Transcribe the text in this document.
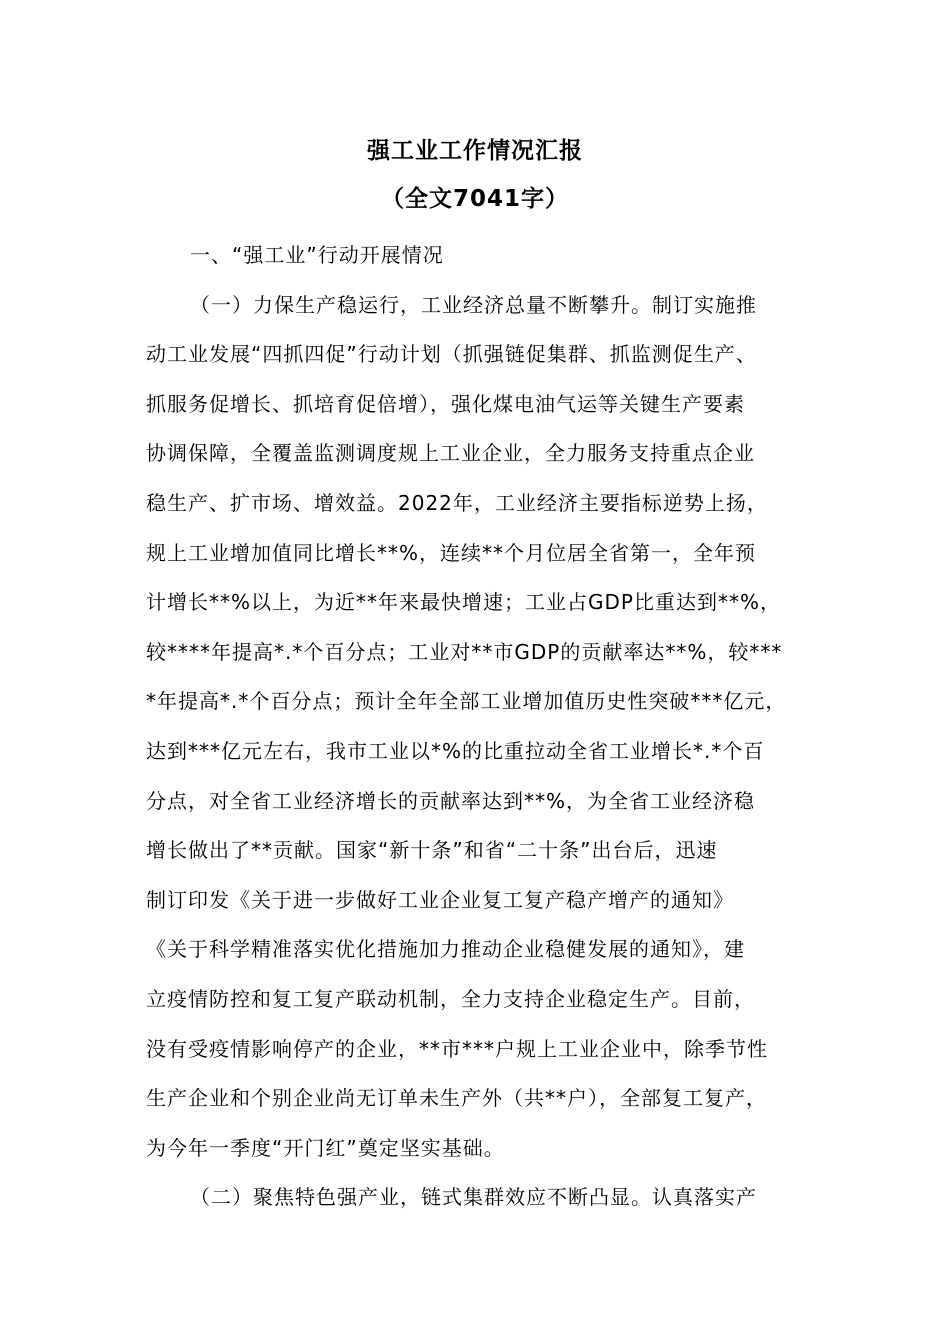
强工业工作情况汇报
（全文7041字）
一、“强工业”行动开展情况
（一）力保生产稳运行，工业经济总量不断攀升。制订实施推
动工业发展“四抓四促”行动计划（抓强链促集群、抓监测促生产、
抓服务促增长、抓培育促倍增），强化煤电油气运等关键生产要素
协调保障，全覆盖监测调度规上工业企业，全力服务支持重点企业
稳生产、扩市场、增效益。2022年，工业经济主要指标逆势上扬，
规上工业增加值同比增长**%，连续**个月位居全省第一，全年预
计增长**%以上，为近**年来最快增速；工业占GDP比重达到**%，
较****年提高*.*个百分点；工业对**市GDP的贡献率达**%，较***
*年提高*.*个百分点；预计全年全部工业增加值历史性突破***亿元，
达到***亿元左右，我市工业以*%的比重拉动全省工业增长*.*个百
分点，对全省工业经济增长的贡献率达到**%，为全省工业经济稳
增长做出了**贡献。国家“新十条”和省“二十条”出台后，迅速
制订印发《关于进一步做好工业企业复工复产稳产增产的通知》
《关于科学精准落实优化措施加力推动企业稳健发展的通知》，建
立疫情防控和复工复产联动机制，全力支持企业稳定生产。目前，
没有受疫情影响停产的企业，**市***户规上工业企业中，除季节性
生产企业和个别企业尚无订单未生产外（共**户），全部复工复产，
为今年一季度“开门红”奠定坚实基础。
（二）聚焦特色强产业，链式集群效应不断凸显。认真落实产
